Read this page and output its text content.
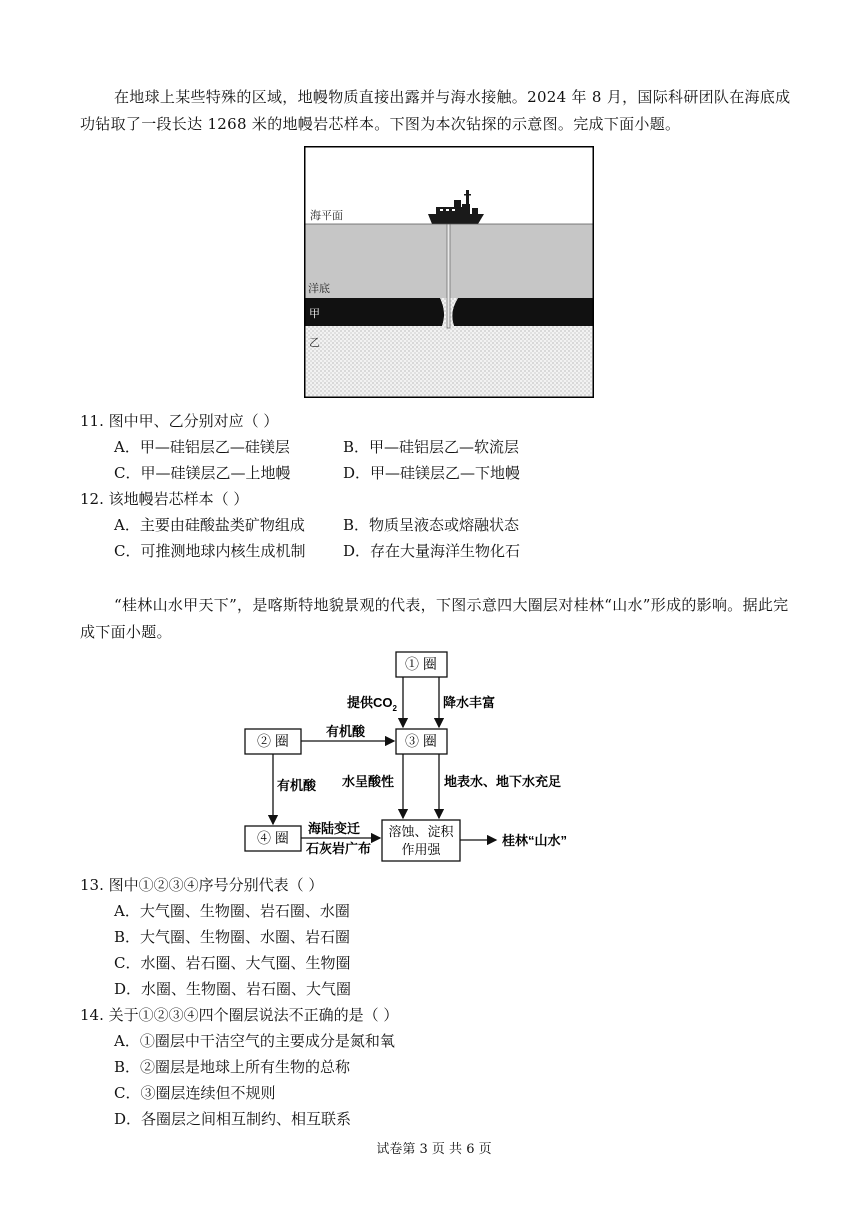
在地球上某些特殊的区域，地幔物质直接出露并与海水接触。2024 年 8 月，国际科研团队在海底成功钻取了一段长达 1268 米的地幔岩芯样本。下图为本次钻探的示意图。完成下面小题。
海平面
洋底
甲
乙
11. 图中甲、乙分别对应（ ）
A．甲—硅铝层乙—硅镁层	B．甲—硅铝层乙—软流层
C．甲—硅镁层乙—上地幔	D．甲—硅镁层乙—下地幔
12. 该地幔岩芯样本（ ）
A．主要由硅酸盐类矿物组成	B．物质呈液态或熔融状态
C．可推测地球内核生成机制	D．存在大量海洋生物化石
“桂林山水甲天下”，是喀斯特地貌景观的代表，下图示意四大圈层对桂林“山水”形成的影响。据此完成下面小题。
① 圈
② 圈	③ 圈
④ 圈	溶蚀、淀积
作用强
提供$CO_2$	降水丰富
有机酸
有机酸 水呈酸性	地表水、地下水充足
海陆变迁
石灰岩广布
桂林“山水”
13. 图中①②③④序号分别代表（ ）
A．大气圈、生物圈、岩石圈、水圈
B．大气圈、生物圈、水圈、岩石圈
C．水圈、岩石圈、大气圈、生物圈
D．水圈、生物圈、岩石圈、大气圈
14. 关于①②③④四个圈层说法不正确的是（ ）
A．①圈层中干洁空气的主要成分是氮和氧
B．②圈层是地球上所有生物的总称
C．③圈层连续但不规则
D．各圈层之间相互制约、相互联系
试卷第 3 页 共 6 页
